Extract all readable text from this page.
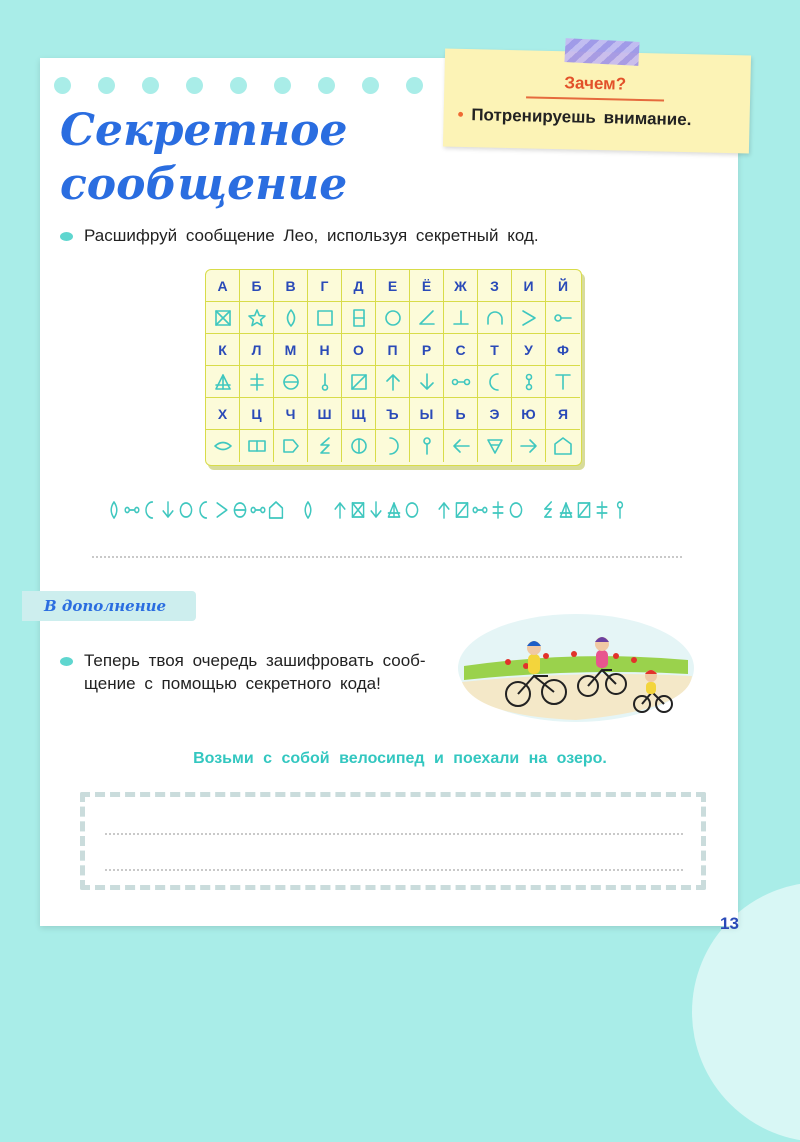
Секретное
сообщение
Зачем?
• Потренируешь внимание.
Расшифруй сообщение Лео, используя секретный код.
А Б В Г Д Е Ё Ж З И Й
К Л М Н О П Р С Т У Ф
Х Ц Ч Ш Щ Ъ Ы Ь Э Ю Я
В дополнение
Теперь твоя очередь зашифровать сооб-
щение с помощью секретного кода!
Возьми с собой велосипед и поехали на озеро.
13
